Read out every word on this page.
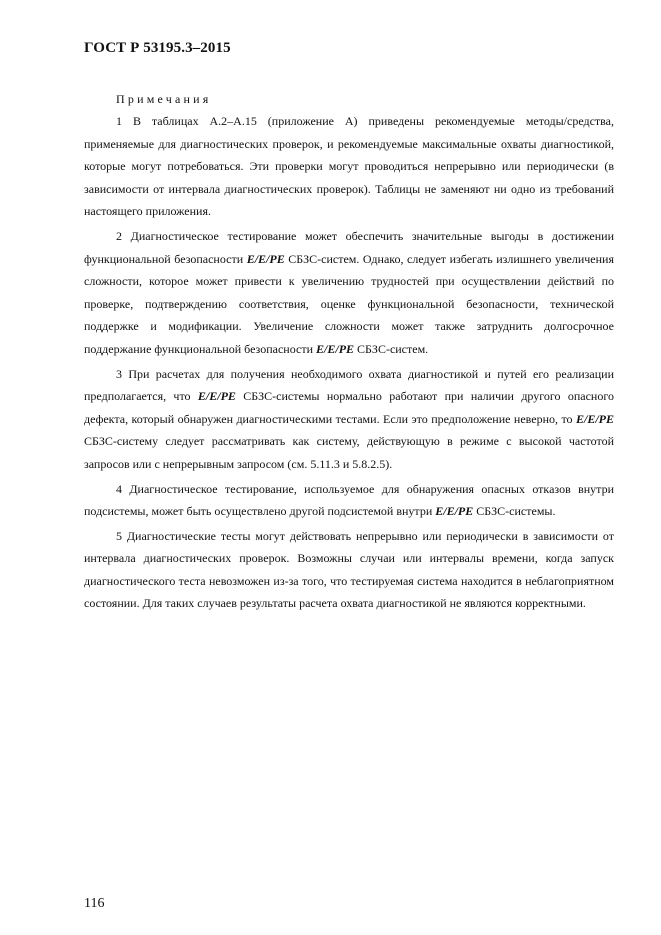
ГОСТ Р 53195.3–2015

Примечания

1 В таблицах А.2–А.15 (приложение А) приведены рекомендуемые методы/средства, применяемые для диагностических проверок, и рекомендуемые максимальные охваты диагностикой, которые могут потребоваться. Эти проверки могут проводиться непрерывно или периодически (в зависимости от интервала диагностических проверок). Таблицы не заменяют ни одно из требований настоящего приложения.

2 Диагностическое тестирование может обеспечить значительные выгоды в достижении функциональной безопасности Е/Е/РЕ СБЗС-систем. Однако, следует избегать излишнего увеличения сложности, которое может привести к увеличению трудностей при осуществлении действий по проверке, подтверждению соответствия, оценке функциональной безопасности, технической поддержке и модификации. Увеличение сложности может также затруднить долгосрочное поддержание функциональной безопасности Е/Е/РЕ СБЗС-систем.

3 При расчетах для получения необходимого охвата диагностикой и путей его реализации предполагается, что Е/Е/РЕ СБЗС-системы нормально работают при наличии другого опасного дефекта, который обнаружен диагностическими тестами. Если это предположение неверно, то Е/Е/РЕ СБЗС-систему следует рассматривать как систему, действующую в режиме с высокой частотой запросов или с непрерывным запросом (см. 5.11.3 и 5.8.2.5).

4 Диагностическое тестирование, используемое для обнаружения опасных отказов внутри подсистемы, может быть осуществлено другой подсистемой внутри Е/Е/РЕ СБЗС-системы.

5 Диагностические тесты могут действовать непрерывно или периодически в зависимости от интервала диагностических проверок. Возможны случаи или интервалы времени, когда запуск диагностического теста невозможен из-за того, что тестируемая система находится в неблагоприятном состоянии. Для таких случаев результаты расчета охвата диагностикой не являются корректными.

116
